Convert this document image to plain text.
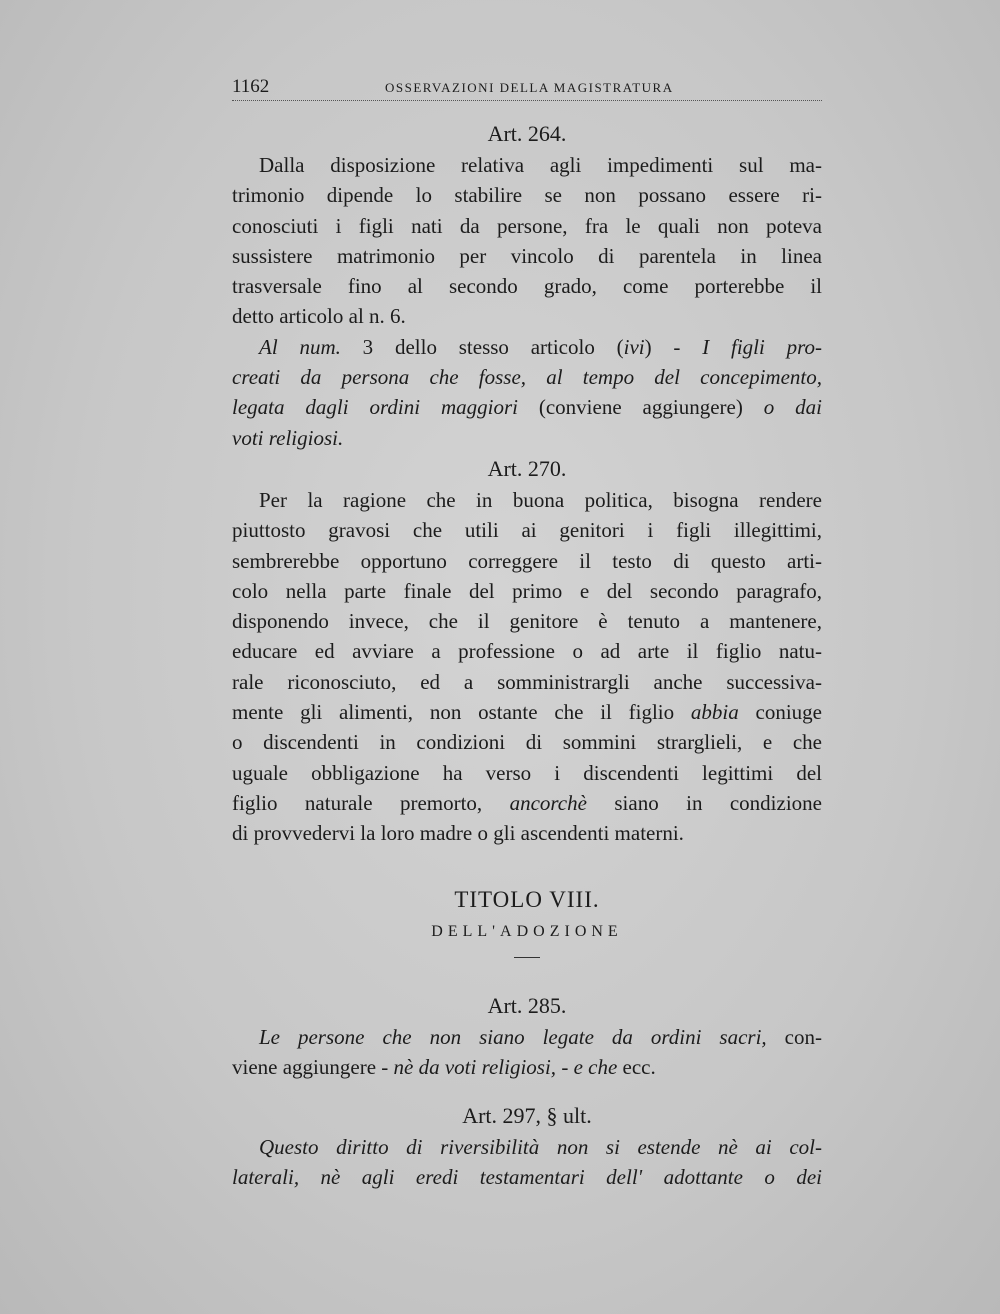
1162	OSSERVAZIONI DELLA MAGISTRATURA
Art. 264.
Dalla disposizione relativa agli impedimenti sul ma-
trimonio dipende lo stabilire se non possano essere ri-
conosciuti i figli nati da persone, fra le quali non poteva
sussistere matrimonio per vincolo di parentela in linea
trasversale fino al secondo grado, come porterebbe il
detto articolo al n. 6.
Al num. 3 dello stesso articolo (ivi) - I figli pro-
creati da persona che fosse, al tempo del concepimento,
legata dagli ordini maggiori (conviene aggiungere) o dai
voti religiosi.
Art. 270.
Per la ragione che in buona politica, bisogna rendere
piuttosto gravosi che utili ai genitori i figli illegittimi,
sembrerebbe opportuno correggere il testo di questo arti-
colo nella parte finale del primo e del secondo paragrafo,
disponendo invece, che il genitore è tenuto a mantenere,
educare ed avviare a professione o ad arte il figlio natu-
rale riconosciuto, ed a somministrargli anche successiva-
mente gli alimenti, non ostante che il figlio abbia coniuge
o discendenti in condizioni di sommini strarglieli, e che
uguale obbligazione ha verso i discendenti legittimi del
figlio naturale premorto, ancorchè siano in condizione
di provvedervi la loro madre o gli ascendenti materni.
TITOLO VIII.
DELL'ADOZIONE
Art. 285.
Le persone che non siano legate da ordini sacri, con-
viene aggiungere - nè da voti religiosi, - e che ecc.
Art. 297, § ult.
Questo diritto di riversibilità non si estende nè ai col-
laterali, nè agli eredi testamentari dell' adottante o dei
